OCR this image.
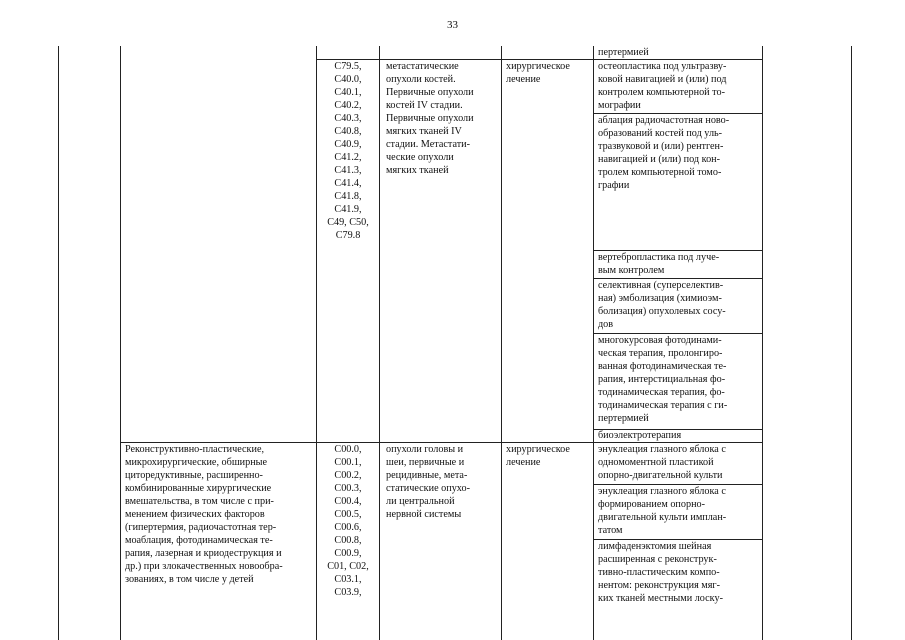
33
пертермией
С79.5,
С40.0,
С40.1,
С40.2,
С40.3,
С40.8,
С40.9,
С41.2,
С41.3,
С41.4,
С41.8,
С41.9,
С49, С50,
С79.8
метастатические
опухоли костей.
Первичные опухоли
костей IV стадии.
Первичные опухоли
мягких тканей IV
стадии. Метастати-
ческие опухоли
мягких тканей
хирургическое
лечение
остеопластика под ультразву-
ковой навигацией и (или) под
контролем компьютерной то-
мографии
аблация радиочастотная ново-
образований костей под уль-
тразвуковой и (или) рентген-
навигацией и (или) под кон-
тролем компьютерной томо-
графии
вертебропластика под луче-
вым контролем
селективная (суперселектив-
ная) эмболизация (химиоэм-
болизация) опухолевых сосу-
дов
многокурсовая фотодинами-
ческая терапия, пролонгиро-
ванная фотодинамическая те-
рапия, интерстициальная фо-
тодинамическая терапия, фо-
тодинамическая терапия с ги-
пертермией
биоэлектротерапия
Реконструктивно-пластические,
микрохирургические, обширные
циторедуктивные, расширенно-
комбинированные хирургические
вмешательства, в том числе с при-
менением физических факторов
(гипертермия, радиочастотная тер-
моаблация, фотодинамическая те-
рапия, лазерная и криодеструкция и
др.) при злокачественных новообра-
зованиях, в том числе у детей
С00.0,
С00.1,
С00.2,
С00.3,
С00.4,
С00.5,
С00.6,
С00.8,
С00.9,
С01, С02,
С03.1,
С03.9,
опухоли головы и
шеи, первичные и
рецидивные, мета-
статические опухо-
ли центральной
нервной системы
хирургическое
лечение
энуклеация глазного яблока с
одномоментной пластикой
опорно-двигательной культи
энуклеация глазного яблока с
формированием опорно-
двигательной культи имплан-
татом
лимфаденэктомия шейная
расширенная с реконструк-
тивно-пластическим компо-
нентом: реконструкция мяг-
ких тканей местными лоску-
